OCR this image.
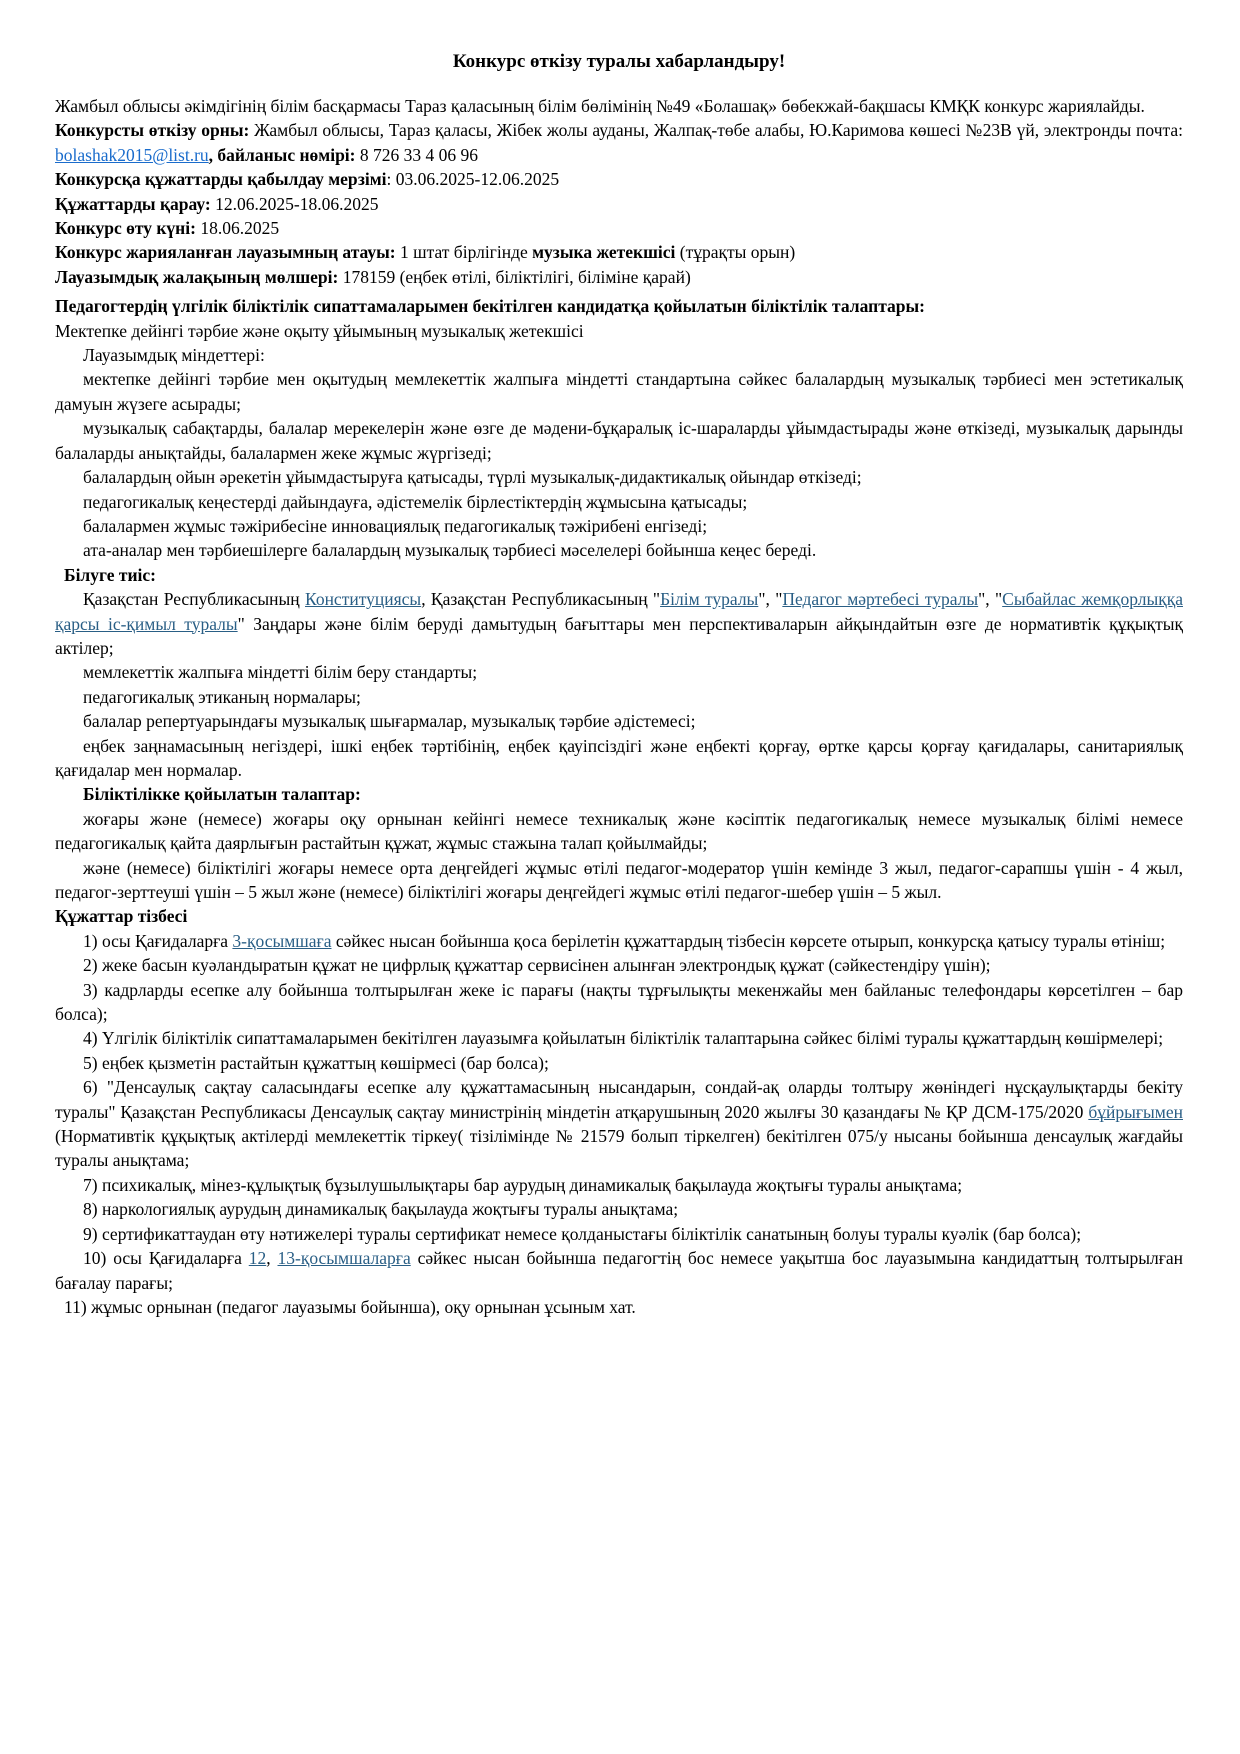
Конкурс өткізу туралы хабарландыру!

Жамбыл облысы әкімдігінің білім басқармасы Тараз қаласының білім бөлімінің №49 «Болашақ» бөбекжай-бақшасы КМҚК конкурс жариялайды.

Конкурсты өткізу орны: Жамбыл облысы, Тараз қаласы, Жібек жолы ауданы, Жалпақ-төбе алабы, Ю.Каримова көшесі №23В үй, электронды почта: bolashak2015@list.ru, байланыс нөмірі: 8 726 33 4 06 96

Конкурсқа құжаттарды қабылдау мерзімі: 03.06.2025-12.06.2025

Құжаттарды қарау: 12.06.2025-18.06.2025

Конкурс өту күні: 18.06.2025

Конкурс жарияланған лауазымның атауы: 1 штат бірлігінде музыка жетекшісі (тұрақты орын)

Лауазымдық жалақының мөлшері: 178159 (еңбек өтілі, біліктілігі, біліміне қарай)

Педагогтердің үлгілік біліктілік сипаттамаларымен бекітілген кандидатқа қойылатын біліктілік талаптары:

Мектепке дейінгі тәрбие және оқыту ұйымының музыкалық жетекшісі

Лауазымдық міндеттері:

мектепке дейінгі тәрбие мен оқытудың мемлекеттік жалпыға міндетті стандартына сәйкес балалардың музыкалық тәрбиесі мен эстетикалық дамуын жүзеге асырады;

музыкалық сабақтарды, балалар мерекелерін және өзге де мәдени-бұқаралық іс-шараларды ұйымдастырады және өткізеді, музыкалық дарынды балаларды анықтайды, балалармен жеке жұмыс жүргізеді;

балалардың ойын әрекетін ұйымдастыруға қатысады, түрлі музыкалық-дидактикалық ойындар өткізеді;

педагогикалық кеңестерді дайындауға, әдістемелік бірлестіктердің жұмысына қатысады;

балалармен жұмыс тәжірибесіне инновациялық педагогикалық тәжірибені енгізеді;

ата-аналар мен тәрбиешілерге балалардың музыкалық тәрбиесі мәселелері бойынша кеңес береді.

Білуге тиіс:

Қазақстан Республикасының Конституциясы, Қазақстан Республикасының "Білім туралы", "Педагог мәртебесі туралы", "Сыбайлас жемқорлыққа қарсы іс-қимыл туралы" Заңдары және білім беруді дамытудың бағыттары мен перспективаларын айқындайтын өзге де нормативтік құқықтық актілер;

мемлекеттік жалпыға міндетті білім беру стандарты;

педагогикалық этиканың нормалары;

балалар репертуарындағы музыкалық шығармалар, музыкалық тәрбие әдістемесі;

еңбек заңнамасының негіздері, ішкі еңбек тәртібінің, еңбек қауіпсіздігі және еңбекті қорғау, өртке қарсы қорғау қағидалары, санитариялық қағидалар мен нормалар.

Біліктілікке қойылатын талаптар:

жоғары және (немесе) жоғары оқу орнынан кейінгі немесе техникалық және кәсіптік педагогикалық немесе музыкалық білімі немесе педагогикалық қайта даярлығын растайтын құжат, жұмыс стажына талап қойылмайды;

және (немесе) біліктілігі жоғары немесе орта деңгейдегі жұмыс өтілі педагог-модератор үшін кемінде 3 жыл, педагог-сарапшы үшін - 4 жыл, педагог-зерттеуші үшін – 5 жыл және (немесе) біліктілігі жоғары деңгейдегі жұмыс өтілі педагог-шебер үшін – 5 жыл.

Құжаттар тізбесі

1) осы Қағидаларға 3-қосымшаға сәйкес нысан бойынша қоса берілетін құжаттардың тізбесін көрсете отырып, конкурсқа қатысу туралы өтініш;

2) жеке басын куәландыратын құжат не цифрлық құжаттар сервисінен алынған электрондық құжат (сәйкестендіру үшін);

3) кадрларды есепке алу бойынша толтырылған жеке іс парағы (нақты тұрғылықты мекенжайы мен байланыс телефондары көрсетілген – бар болса);

4) Үлгілік біліктілік сипаттамаларымен бекітілген лауазымға қойылатын біліктілік талаптарына сәйкес білімі туралы құжаттардың көшірмелері;

5) еңбек қызметін растайтын құжаттың көшірмесі (бар болса);

6) "Денсаулық сақтау саласындағы есепке алу құжаттамасының нысандарын, сондай-ақ оларды толтыру жөніндегі нұсқаулықтарды бекіту туралы" Қазақстан Республикасы Денсаулық сақтау министрінің міндетін атқарушының 2020 жылғы 30 қазандағы № ҚР ДСМ-175/2020 бұйрығымен (Нормативтік құқықтық актілерді мемлекеттік тіркеу( тізілімінде № 21579 болып тіркелген) бекітілген 075/у нысаны бойынша денсаулық жағдайы туралы анықтама;

7) психикалық, мінез-құлықтық бұзылушылықтары бар аурудың динамикалық бақылауда жоқтығы туралы анықтама;

8) наркологиялық аурудың динамикалық бақылауда жоқтығы туралы анықтама;

9) сертификаттаудан өту нәтижелері туралы сертификат немесе қолданыстағы біліктілік санатының болуы туралы куәлік (бар болса);

10) осы Қағидаларға 12, 13-қосымшаларға сәйкес нысан бойынша педагогтің бос немесе уақытша бос лауазымына кандидаттың толтырылған бағалау парағы;

11) жұмыс орнынан (педагог лауазымы бойынша), оқу орнынан ұсыным хат.
